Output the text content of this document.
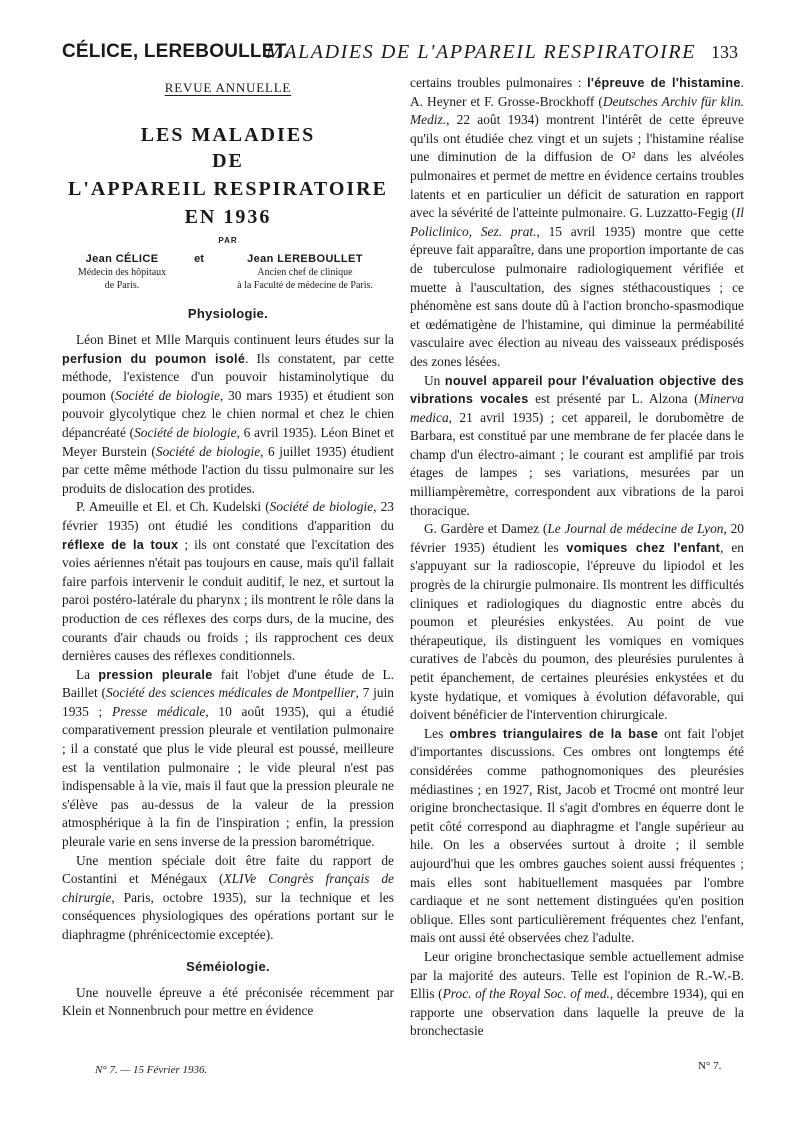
CÉLICE, LEREBOULLET.
MALADIES DE L'APPAREIL RESPIRATOIRE 133
REVUE ANNUELLE
LES MALADIES
DE
L'APPAREIL RESPIRATOIRE
EN 1936
PAR
Jean CÉLICE
Médecin des hôpitaux
de Paris.
et	Jean LEREBOULLET
Ancien chef de clinique
à la Faculté de médecine de Paris.
Physiologie.

Léon Binet et Mlle Marquis continuent leurs études sur la perfusion du poumon isolé. Ils constatent, par cette méthode, l'existence d'un pouvoir histaminolytique du poumon (Société de biologie, 30 mars 1935) et étudient son pouvoir glycolytique chez le chien normal et chez le chien dépancréaté (Société de biologie, 6 avril 1935). Léon Binet et Meyer Burstein (Société de biologie, 6 juillet 1935) étudient par cette même méthode l'action du tissu pulmonaire sur les produits de dislocation des protides.

P. Ameuille et El. et Ch. Kudelski (Société de biologie, 23 février 1935) ont étudié les conditions d'apparition du réflexe de la toux ; ils ont constaté que l'excitation des voies aériennes n'était pas toujours en cause, mais qu'il fallait faire parfois intervenir le conduit auditif, le nez, et surtout la paroi postéro-latérale du pharynx ; ils montrent le rôle dans la production de ces réflexes des corps durs, de la mucine, des courants d'air chauds ou froids ; ils rapprochent ces deux dernières causes des réflexes conditionnels.

La pression pleurale fait l'objet d'une étude de L. Baillet (Société des sciences médicales de Montpellier, 7 juin 1935 ; Presse médicale, 10 août 1935), qui a étudié comparativement pression pleurale et ventilation pulmonaire ; il a constaté que plus le vide pleural est poussé, meilleure est la ventilation pulmonaire ; le vide pleural n'est pas indispensable à la vie, mais il faut que la pression pleurale ne s'élève pas au-dessus de la valeur de la pression atmosphérique à la fin de l'inspiration ; enfin, la pression pleurale varie en sens inverse de la pression barométrique.

Une mention spéciale doit être faite du rapport de Costantini et Ménégaux (XLIVe Congrès français de chirurgie, Paris, octobre 1935), sur la technique et les conséquences physiologiques des opérations portant sur le diaphragme (phrénicectomie exceptée).

Séméiologie.

Une nouvelle épreuve a été préconisée récemment par Klein et Nonnenbruch pour mettre en évidence

certains troubles pulmonaires : l'épreuve de l'histamine. A. Heyner et F. Grosse-Brockhoff (Deutsches Archiv für klin. Mediz., 22 août 1934) montrent l'intérêt de cette épreuve qu'ils ont étudiée chez vingt et un sujets ; l'histamine réalise une diminution de la diffusion de O² dans les alvéoles pulmonaires et permet de mettre en évidence certains troubles latents et en particulier un déficit de saturation en rapport avec la sévérité de l'atteinte pulmonaire. G. Luzzatto-Fegig (Il Policlinico, Sez. prat., 15 avril 1935) montre que cette épreuve fait apparaître, dans une proportion importante de cas de tuberculose pulmonaire radiologiquement vérifiée et muette à l'auscultation, des signes stéthacoustiques ; ce phénomène est sans doute dû à l'action broncho-spasmodique et œdématigène de l'histamine, qui diminue la perméabilité vasculaire avec élection au niveau des vaisseaux prédisposés des zones lésées.

Un nouvel appareil pour l'évaluation objective des vibrations vocales est présenté par L. Alzona (Minerva medica, 21 avril 1935) ; cet appareil, le dorubomètre de Barbara, est constitué par une membrane de fer placée dans le champ d'un électro-aimant ; le courant est amplifié par trois étages de lampes ; ses variations, mesurées par un milliampèremètre, correspondent aux vibrations de la paroi thoracique.

G. Gardère et Damez (Le Journal de médecine de Lyon, 20 février 1935) étudient les vomiques chez l'enfant, en s'appuyant sur la radioscopie, l'épreuve du lipiodol et les progrès de la chirurgie pulmonaire. Ils montrent les difficultés cliniques et radiologiques du diagnostic entre abcès du poumon et pleurésies enkystées. Au point de vue thérapeutique, ils distinguent les vomiques en vomiques curatives de l'abcès du poumon, des pleurésies purulentes à petit épanchement, de certaines pleurésies enkystées et du kyste hydatique, et vomiques à évolution défavorable, qui doivent bénéficier de l'intervention chirurgicale.

Les ombres triangulaires de la base ont fait l'objet d'importantes discussions. Ces ombres ont longtemps été considérées comme pathognomoniques des pleurésies médiastines ; en 1927, Rist, Jacob et Trocmé ont montré leur origine bronchectasique. Il s'agit d'ombres en équerre dont le petit côté correspond au diaphragme et l'angle supérieur au hile. On les a observées surtout à droite ; il semble aujourd'hui que les ombres gauches soient aussi fréquentes ; mais elles sont habituellement masquées par l'ombre cardiaque et ne sont nettement distinguées qu'en position oblique. Elles sont particulièrement fréquentes chez l'enfant, mais ont aussi été observées chez l'adulte.

Leur origine bronchectasique semble actuellement admise par la majorité des auteurs. Telle est l'opinion de R.-W.-B. Ellis (Proc. of the Royal Soc. of med., décembre 1934), qui en rapporte une observation dans laquelle la preuve de la bronchectasie

N° 7. — 15 Février 1936.	N° 7.
